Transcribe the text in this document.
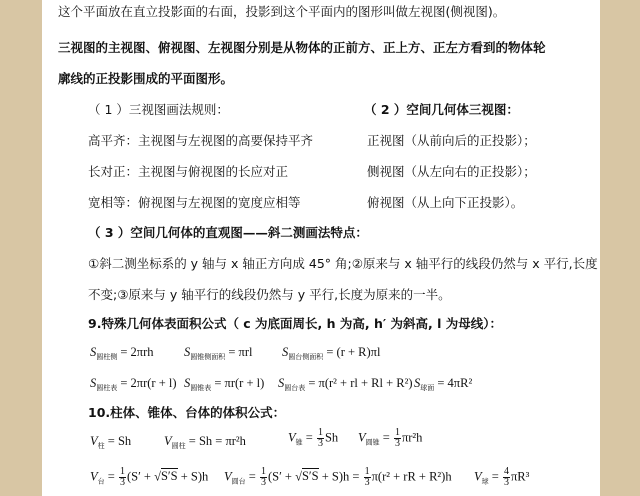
这个平面放在直立投影面的右面，投影到这个平面内的图形叫做左视图(侧视图)。
三视图的主视图、俯视图、左视图分别是从物体的正前方、正上方、正左方看到的物体轮
廓线的正投影围成的平面图形。
（ 1 ）三视图画法规则：	（ 2 ）空间几何体三视图：
高平齐：主视图与左视图的高要保持平齐	正视图（从前向后的正投影）；
长对正：主视图与俯视图的长应对正	侧视图（从左向右的正投影）；
宽相等：俯视图与左视图的宽度应相等	俯视图（从上向下正投影）。
（ 3 ）空间几何体的直观图——斜二测画法特点：
①斜二测坐标系的 y 轴与 x 轴正方向成 45° 角;②原来与 x 轴平行的线段仍然与 x 平行,长度
不变;③原来与 y 轴平行的线段仍然与 y 平行,长度为原来的一半。
9.特殊几何体表面积公式（ c 为底面周长, h 为高, h′ 为斜高, l 为母线）：
$S_{圆柱侧} = 2\pi rh$ $S_{圆锥侧面积} = \pi rl$ $S_{圆台侧面积} = (r + R)\pi l$
$S_{圆柱表} = 2\pi r(r + l) S_{圆锥表} = \pi r(r + l) S_{圆台表} = \pi(r^2$ + rl + Rl + R²) $S_{球面} = 4\pi R^2$
10.柱体、锥体、台体的体积公式：
$V_柱 = Sh$	$V_{圆柱} = Sh = \pi r^2h$	$V_锥 = \frac{1}{3}$ Sh $V_{圆锥} = \frac{1}{3} \pi r^2h$
$V_台 = \frac{1}{3} (S' + √S'S + S)h$ $V_{圆台} = \frac{1}{3} (S' + √S'S + S)h = \frac{1}{3} \pi(r^2$ + rR + R²)h $V_球 = \frac{4}{3} \pi R^3$
